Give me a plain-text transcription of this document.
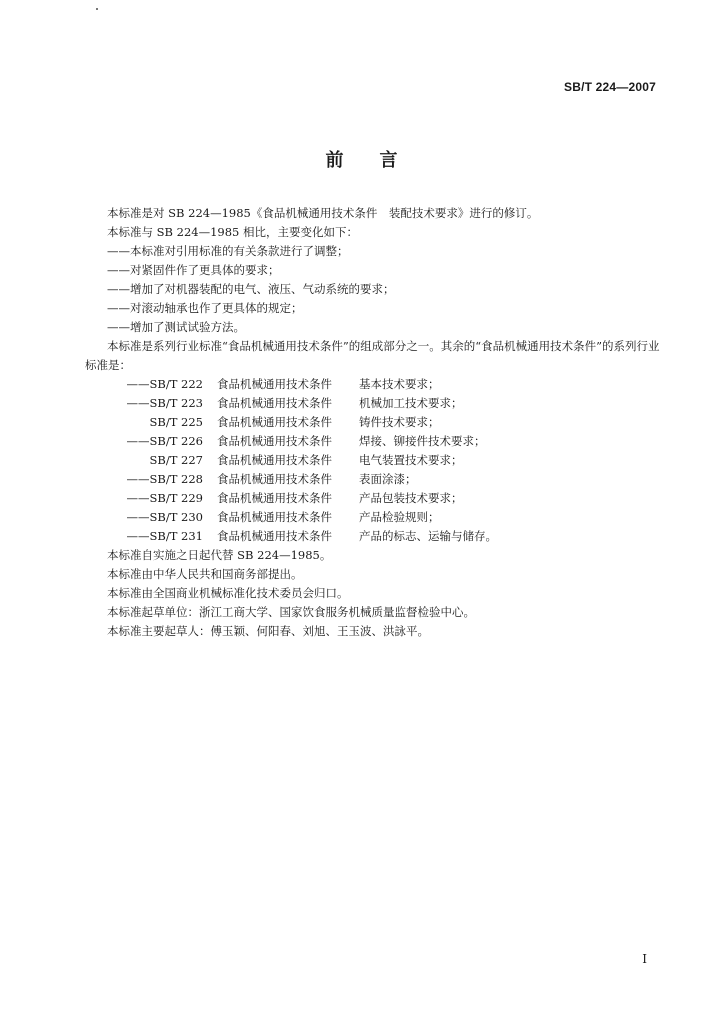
SB/T 224—2007
前言

本标准是对 SB 224—1985《食品机械通用技术条件　装配技术要求》进行的修订。

本标准与 SB 224—1985 相比，主要变化如下：

——本标准对引用标准的有关条款进行了调整；

——对紧固件作了更具体的要求；

——增加了对机器装配的电气、液压、气动系统的要求；

——对滚动轴承也作了更具体的规定；

——增加了测试试验方法。

本标准是系列行业标准“食品机械通用技术条件”的组成部分之一。其余的“食品机械通用技术条件”的系列行业标准是：

——SB/T 222	食品机械通用技术条件	基本技术要求；
——SB/T 223	食品机械通用技术条件	机械加工技术要求；
SB/T 225	食品机械通用技术条件	铸件技术要求；
——SB/T 226	食品机械通用技术条件	焊接、铆接件技术要求；
SB/T 227	食品机械通用技术条件	电气装置技术要求；
——SB/T 228	食品机械通用技术条件	表面涂漆；
——SB/T 229	食品机械通用技术条件	产品包装技术要求；
——SB/T 230	食品机械通用技术条件	产品检验规则；
——SB/T 231	食品机械通用技术条件	产品的标志、运输与储存。

本标准自实施之日起代替 SB 224—1985。

本标准由中华人民共和国商务部提出。

本标准由全国商业机械标准化技术委员会归口。

本标准起草单位：浙江工商大学、国家饮食服务机械质量监督检验中心。

本标准主要起草人：傅玉颖、何阳春、刘旭、王玉波、洪詠平。

I
